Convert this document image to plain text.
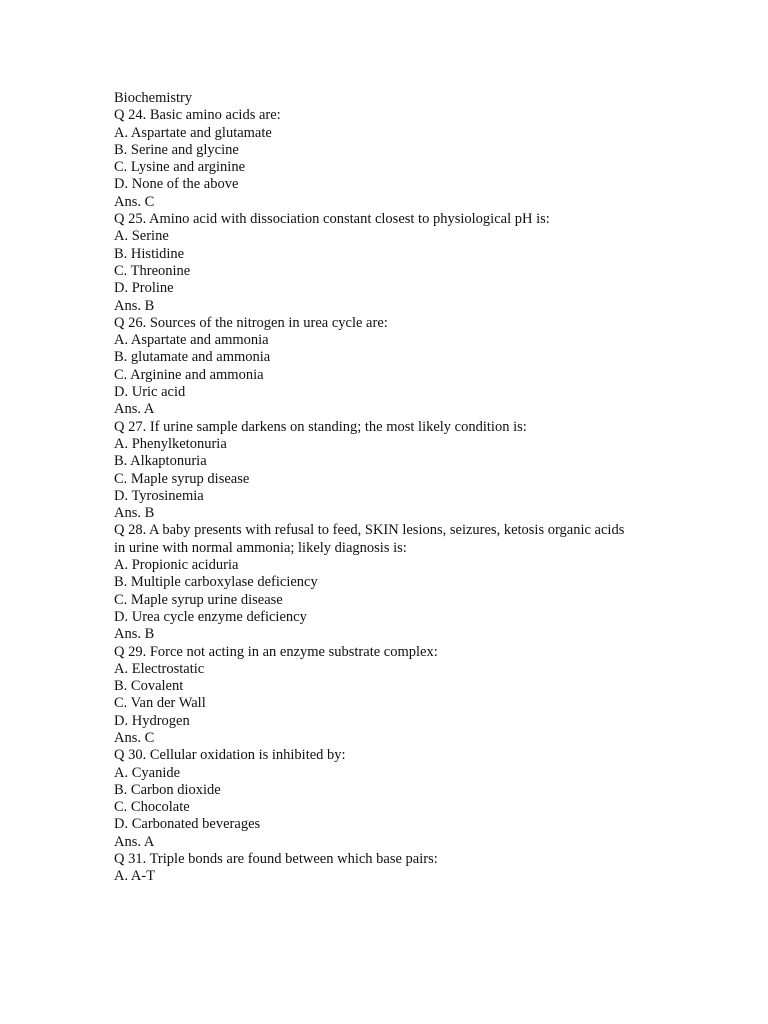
Biochemistry
Q 24. Basic amino acids are:
A. Aspartate and glutamate
B. Serine and glycine
C. Lysine and arginine
D. None of the above
Ans. C
Q 25. Amino acid with dissociation constant closest to physiological pH is:
A. Serine
B. Histidine
C. Threonine
D. Proline
Ans. B
Q 26. Sources of the nitrogen in urea cycle are:
A. Aspartate and ammonia
B. glutamate and ammonia
C. Arginine and ammonia
D. Uric acid
Ans. A
Q 27. If urine sample darkens on standing; the most likely condition is:
A. Phenylketonuria
B. Alkaptonuria
C. Maple syrup disease
D. Tyrosinemia
Ans. B
Q 28. A baby presents with refusal to feed, SKIN lesions, seizures, ketosis organic acids
in urine with normal ammonia; likely diagnosis is:
A. Propionic aciduria
B. Multiple carboxylase deficiency
C. Maple syrup urine disease
D. Urea cycle enzyme deficiency
Ans. B
Q 29. Force not acting in an enzyme substrate complex:
A. Electrostatic
B. Covalent
C. Van der Wall
D. Hydrogen
Ans. C
Q 30. Cellular oxidation is inhibited by:
A. Cyanide
B. Carbon dioxide
C. Chocolate
D. Carbonated beverages
Ans. A
Q 31. Triple bonds are found between which base pairs:
A. A-T
